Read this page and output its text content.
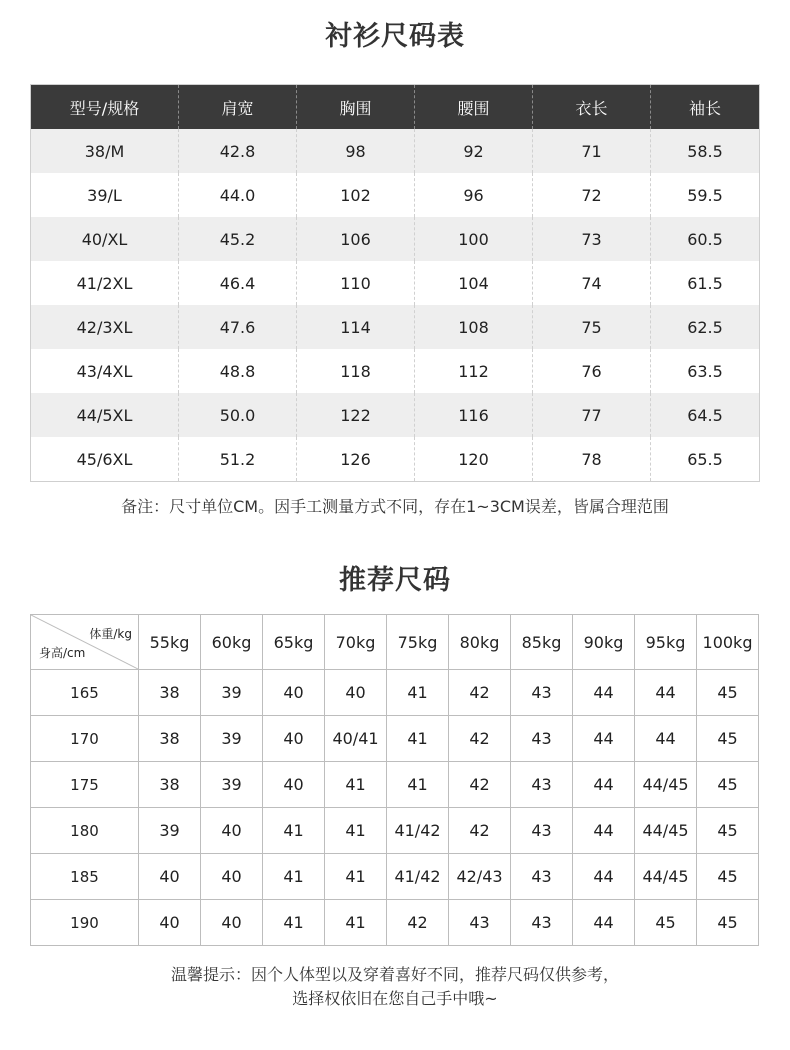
衬衫尺码表
型号/规格	肩宽	胸围	腰围	衣长	袖长
38/M	42.8	98	92	71	58.5
39/L	44.0	102	96	72	59.5
40/XL	45.2	106	100	73	60.5
41/2XL	46.4	110	104	74	61.5
42/3XL	47.6	114	108	75	62.5
43/4XL	48.8	118	112	76	63.5
44/5XL	50.0	122	116	77	64.5
45/6XL	51.2	126	120	78	65.5
备注：尺寸单位CM。因手工测量方式不同，存在1~3CM误差，皆属合理范围
推荐尺码
体重/kg
身高/cm	55kg	60kg	65kg	70kg	75kg	80kg	85kg	90kg	95kg	100kg
165	38	39	40	40	41	42	43	44	44	45
170	38	39	40	40/41	41	42	43	44	44	45
175	38	39	40	41	41	42	43	44	44/45	45
180	39	40	41	41	41/42	42	43	44	44/45	45
185	40	40	41	41	41/42	42/43	43	44	44/45	45
190	40	40	41	41	42	43	43	44	45	45
温馨提示：因个人体型以及穿着喜好不同，推荐尺码仅供参考，
选择权依旧在您自己手中哦~
